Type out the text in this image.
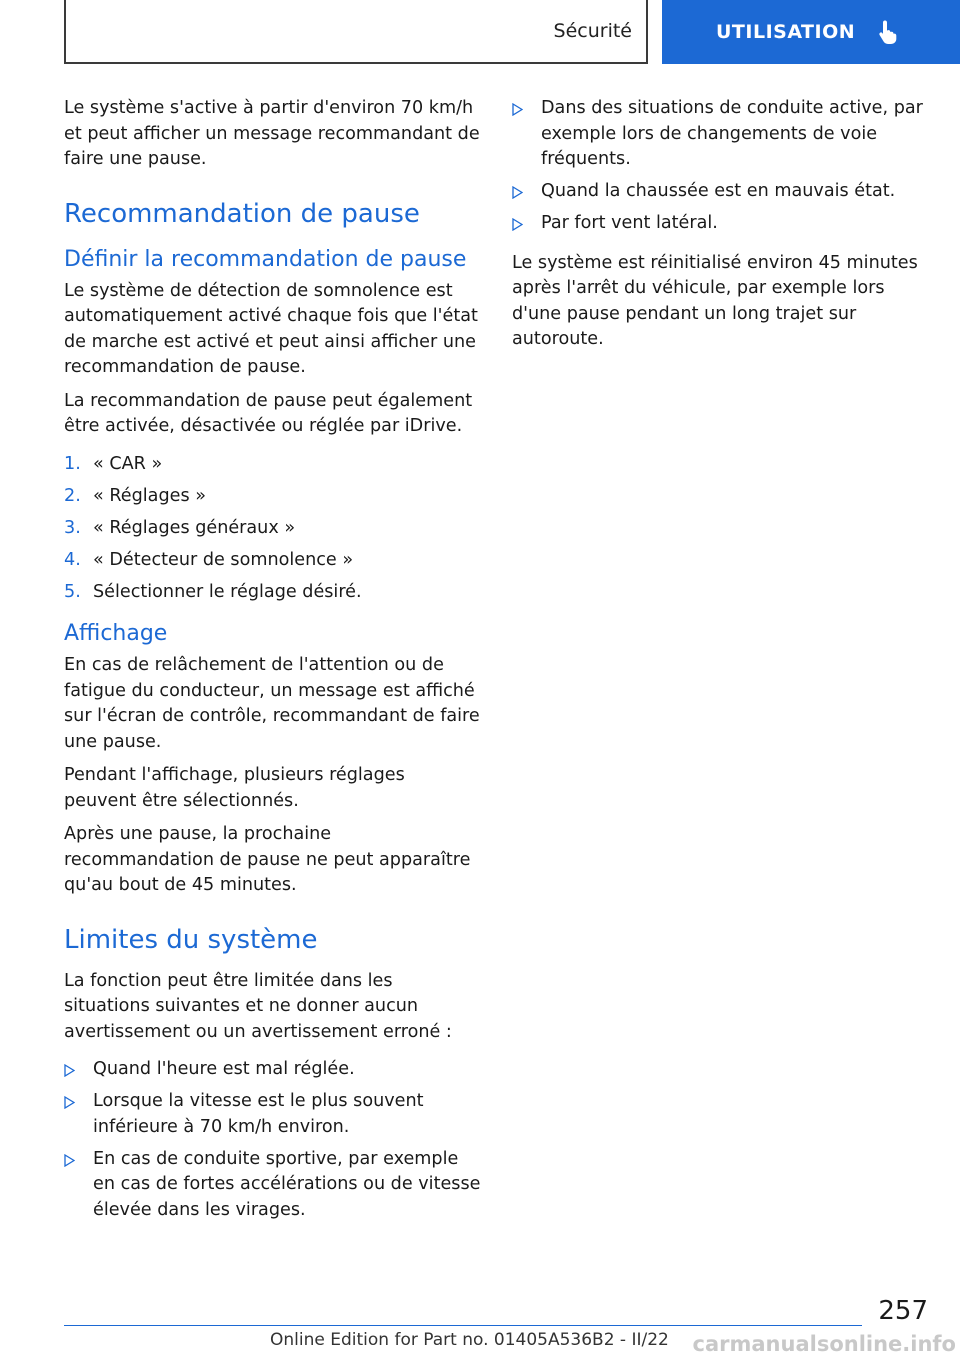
Sécurité	UTILISATION

Le système s'active à partir d'environ 70 km/h et peut afficher un message recommandant de faire une pause.

Recommandation de pause
Définir la recommandation de pause

Le système de détection de somnolence est automatiquement activé chaque fois que l'état de marche est activé et peut ainsi afficher une recommandation de pause.

La recommandation de pause peut également être activée, désactivée ou réglée par iDrive.

1. « CAR »
2. « Réglages »
3. « Réglages généraux »
4. « Détecteur de somnolence »
5. Sélectionner le réglage désiré.
Affichage

En cas de relâchement de l'attention ou de fatigue du conducteur, un message est affiché sur l'écran de contrôle, recommandant de faire une pause.

Pendant l'affichage, plusieurs réglages peuvent être sélectionnés.

Après une pause, la prochaine recommandation de pause ne peut apparaître qu'au bout de 45 minutes.

Limites du système

La fonction peut être limitée dans les situations suivantes et ne donner aucun avertissement ou un avertissement erroné :

Quand l'heure est mal réglée.
Lorsque la vitesse est le plus souvent inférieure à 70 km/h environ.
En cas de conduite sportive, par exemple en cas de fortes accélérations ou de vitesse élevée dans les virages.
Dans des situations de conduite active, par exemple lors de changements de voie fréquents.
Quand la chaussée est en mauvais état.
Par fort vent latéral.

Le système est réinitialisé environ 45 minutes après l'arrêt du véhicule, par exemple lors d'une pause pendant un long trajet sur autoroute.

257
Online Edition for Part no. 01405A536B2 - II/22 carmanualsonline.info
